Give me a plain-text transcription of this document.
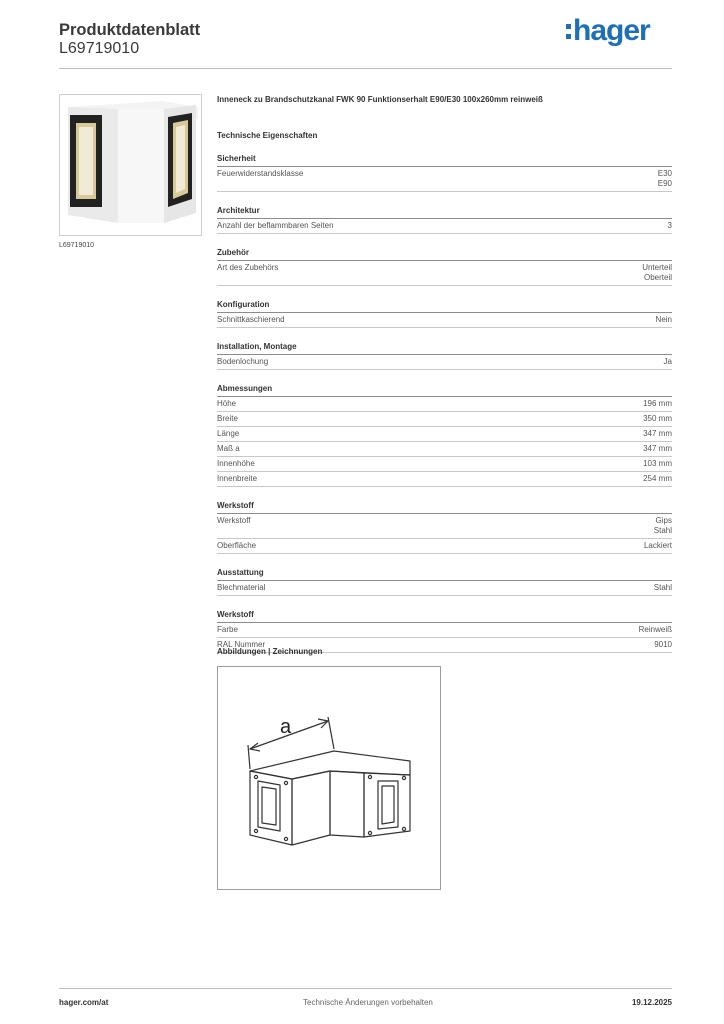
Produktdatenblatt
L69719010
hager
L69719010
Inneneck zu Brandschutzkanal FWK 90 Funktionserhalt E90/E30 100x260mm reinweiß
Technische Eigenschaften
Sicherheit
Feuerwiderstandsklasse	E30
E90
Architektur
Anzahl der beflammbaren Seiten	3
Zubehör
Art des Zubehörs	Unterteil
Oberteil
Konfiguration
Schnittkaschierend	Nein
Installation, Montage
Bodenlochung	Ja
Abmessungen
Höhe	196 mm
Breite	350 mm
Länge	347 mm
Maß a	347 mm
Innenhöhe	103 mm
Innenbreite	254 mm
Werkstoff
Werkstoff	Gips
Stahl
Oberfläche	Lackiert
Ausstattung
Blechmaterial	Stahl
Werkstoff
Farbe	Reinweiß
RAL Nummer	9010
Abbildungen | Zeichnungen
a
hager.com/at	Technische Änderungen vorbehalten	19.12.2025
